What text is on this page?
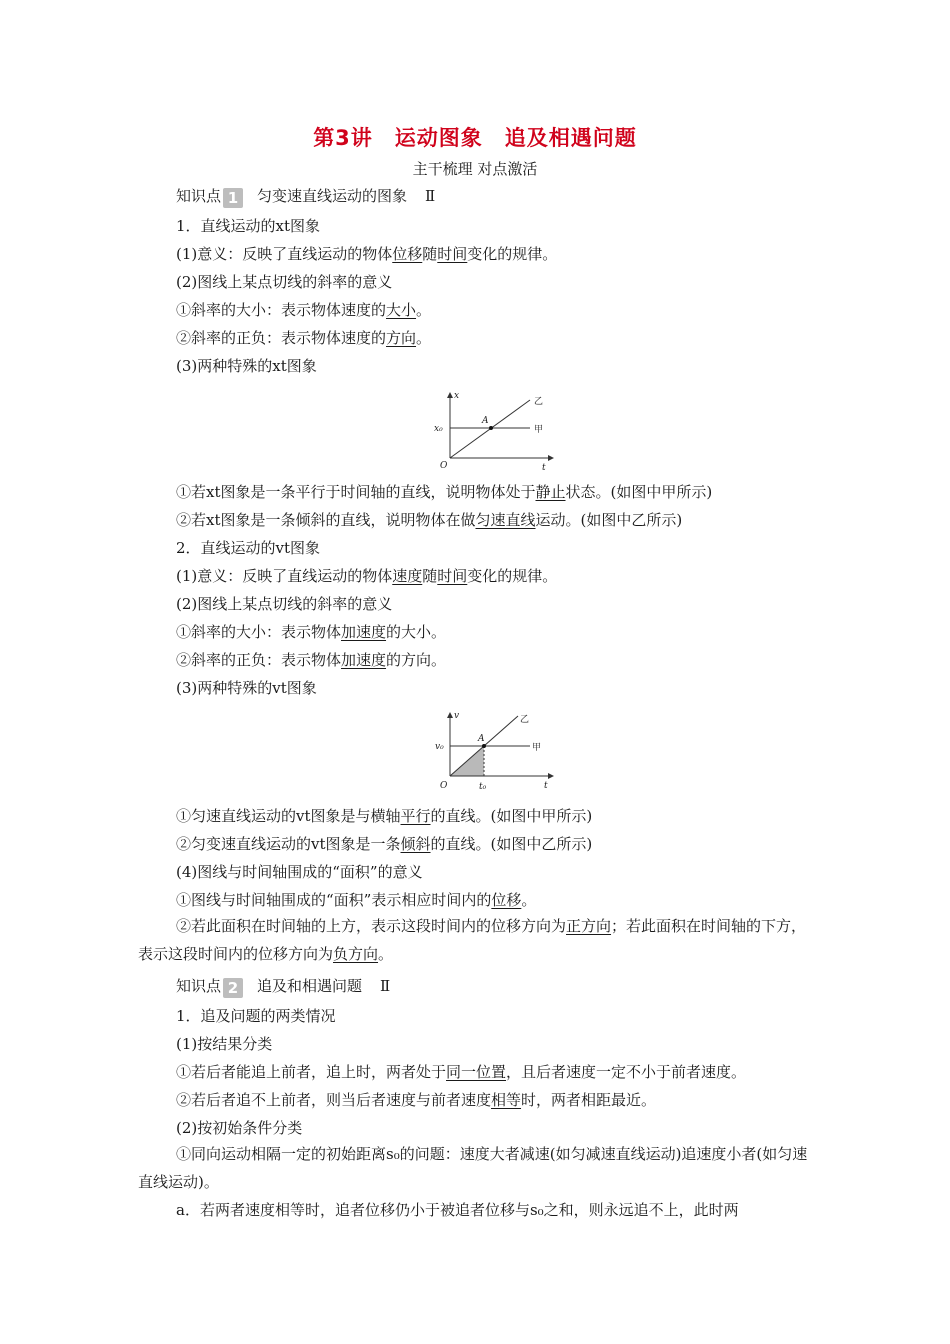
第3讲　运动图象　追及相遇问题
主干梳理 对点激活
知识点 1 匀变速直线运动的图象 Ⅱ
1．直线运动的xt图象
(1)意义：反映了直线运动的物体位移随时间变化的规律。
(2)图线上某点切线的斜率的意义
①斜率的大小：表示物体速度的大小。
②斜率的正负：表示物体速度的方向。
(3)两种特殊的xt图象
x
t
O
x₀
A
甲
乙
①若xt图象是一条平行于时间轴的直线，说明物体处于静止状态。(如图中甲所示)
②若xt图象是一条倾斜的直线，说明物体在做匀速直线运动。(如图中乙所示)
2．直线运动的vt图象
(1)意义：反映了直线运动的物体速度随时间变化的规律。
(2)图线上某点切线的斜率的意义
①斜率的大小：表示物体加速度的大小。
②斜率的正负：表示物体加速度的方向。
(3)两种特殊的vt图象
v
t
O
v₀
t₀
A
甲
乙
①匀速直线运动的vt图象是与横轴平行的直线。(如图中甲所示)
②匀变速直线运动的vt图象是一条倾斜的直线。(如图中乙所示)
(4)图线与时间轴围成的“面积”的意义
①图线与时间轴围成的“面积”表示相应时间内的位移。
②若此面积在时间轴的上方，表示这段时间内的位移方向为正方向；若此面积在时间轴的下方，表示这段时间内的位移方向为负方向。
知识点 2 追及和相遇问题 Ⅱ
1．追及问题的两类情况
(1)按结果分类
①若后者能追上前者，追上时，两者处于同一位置，且后者速度一定不小于前者速度。
②若后者追不上前者，则当后者速度与前者速度相等时，两者相距最近。
(2)按初始条件分类
①同向运动相隔一定的初始距离s₀的问题：速度大者减速(如匀减速直线运动)追速度小者(如匀速直线运动)。
a．若两者速度相等时，追者位移仍小于被追者位移与s₀之和，则永远追不上，此时两
